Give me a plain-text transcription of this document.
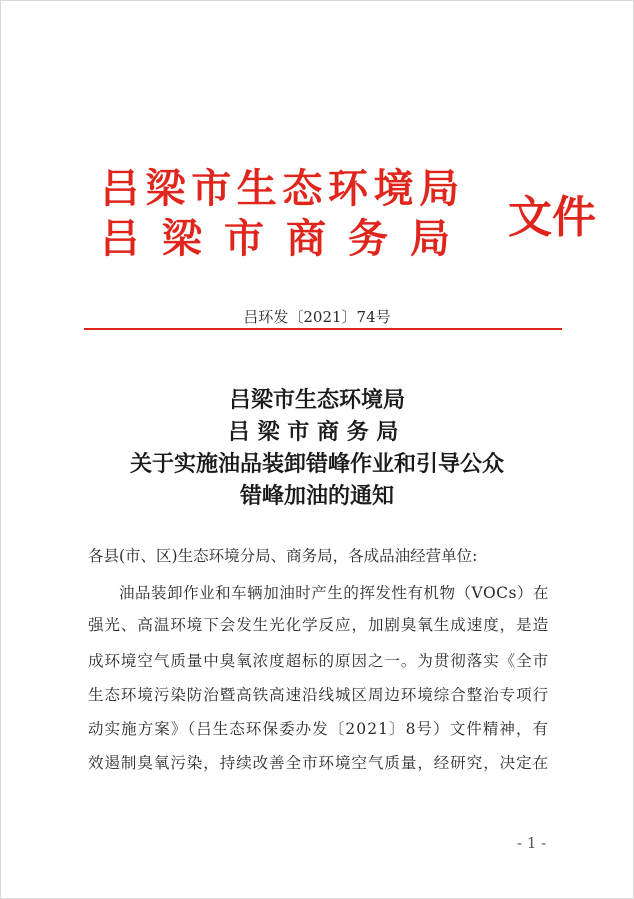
吕梁市生态环境局
吕梁市商务局 文件
吕环发〔2021〕74号
吕梁市生态环境局
吕梁市商务局
关于实施油品装卸错峰作业和引导公众
错峰加油的通知
各县(市、区)生态环境分局、商务局，各成品油经营单位:
油品装卸作业和车辆加油时产生的挥发性有机物（VOCs）在
强光、高温环境下会发生光化学反应，加剧臭氧生成速度，是造
成环境空气质量中臭氧浓度超标的原因之一。为贯彻落实《全市
生态环境污染防治暨高铁高速沿线城区周边环境综合整治专项行
动实施方案》（吕生态环保委办发〔2021〕8号）文件精神，有
效遏制臭氧污染，持续改善全市环境空气质量，经研究，决定在
- 1 -
